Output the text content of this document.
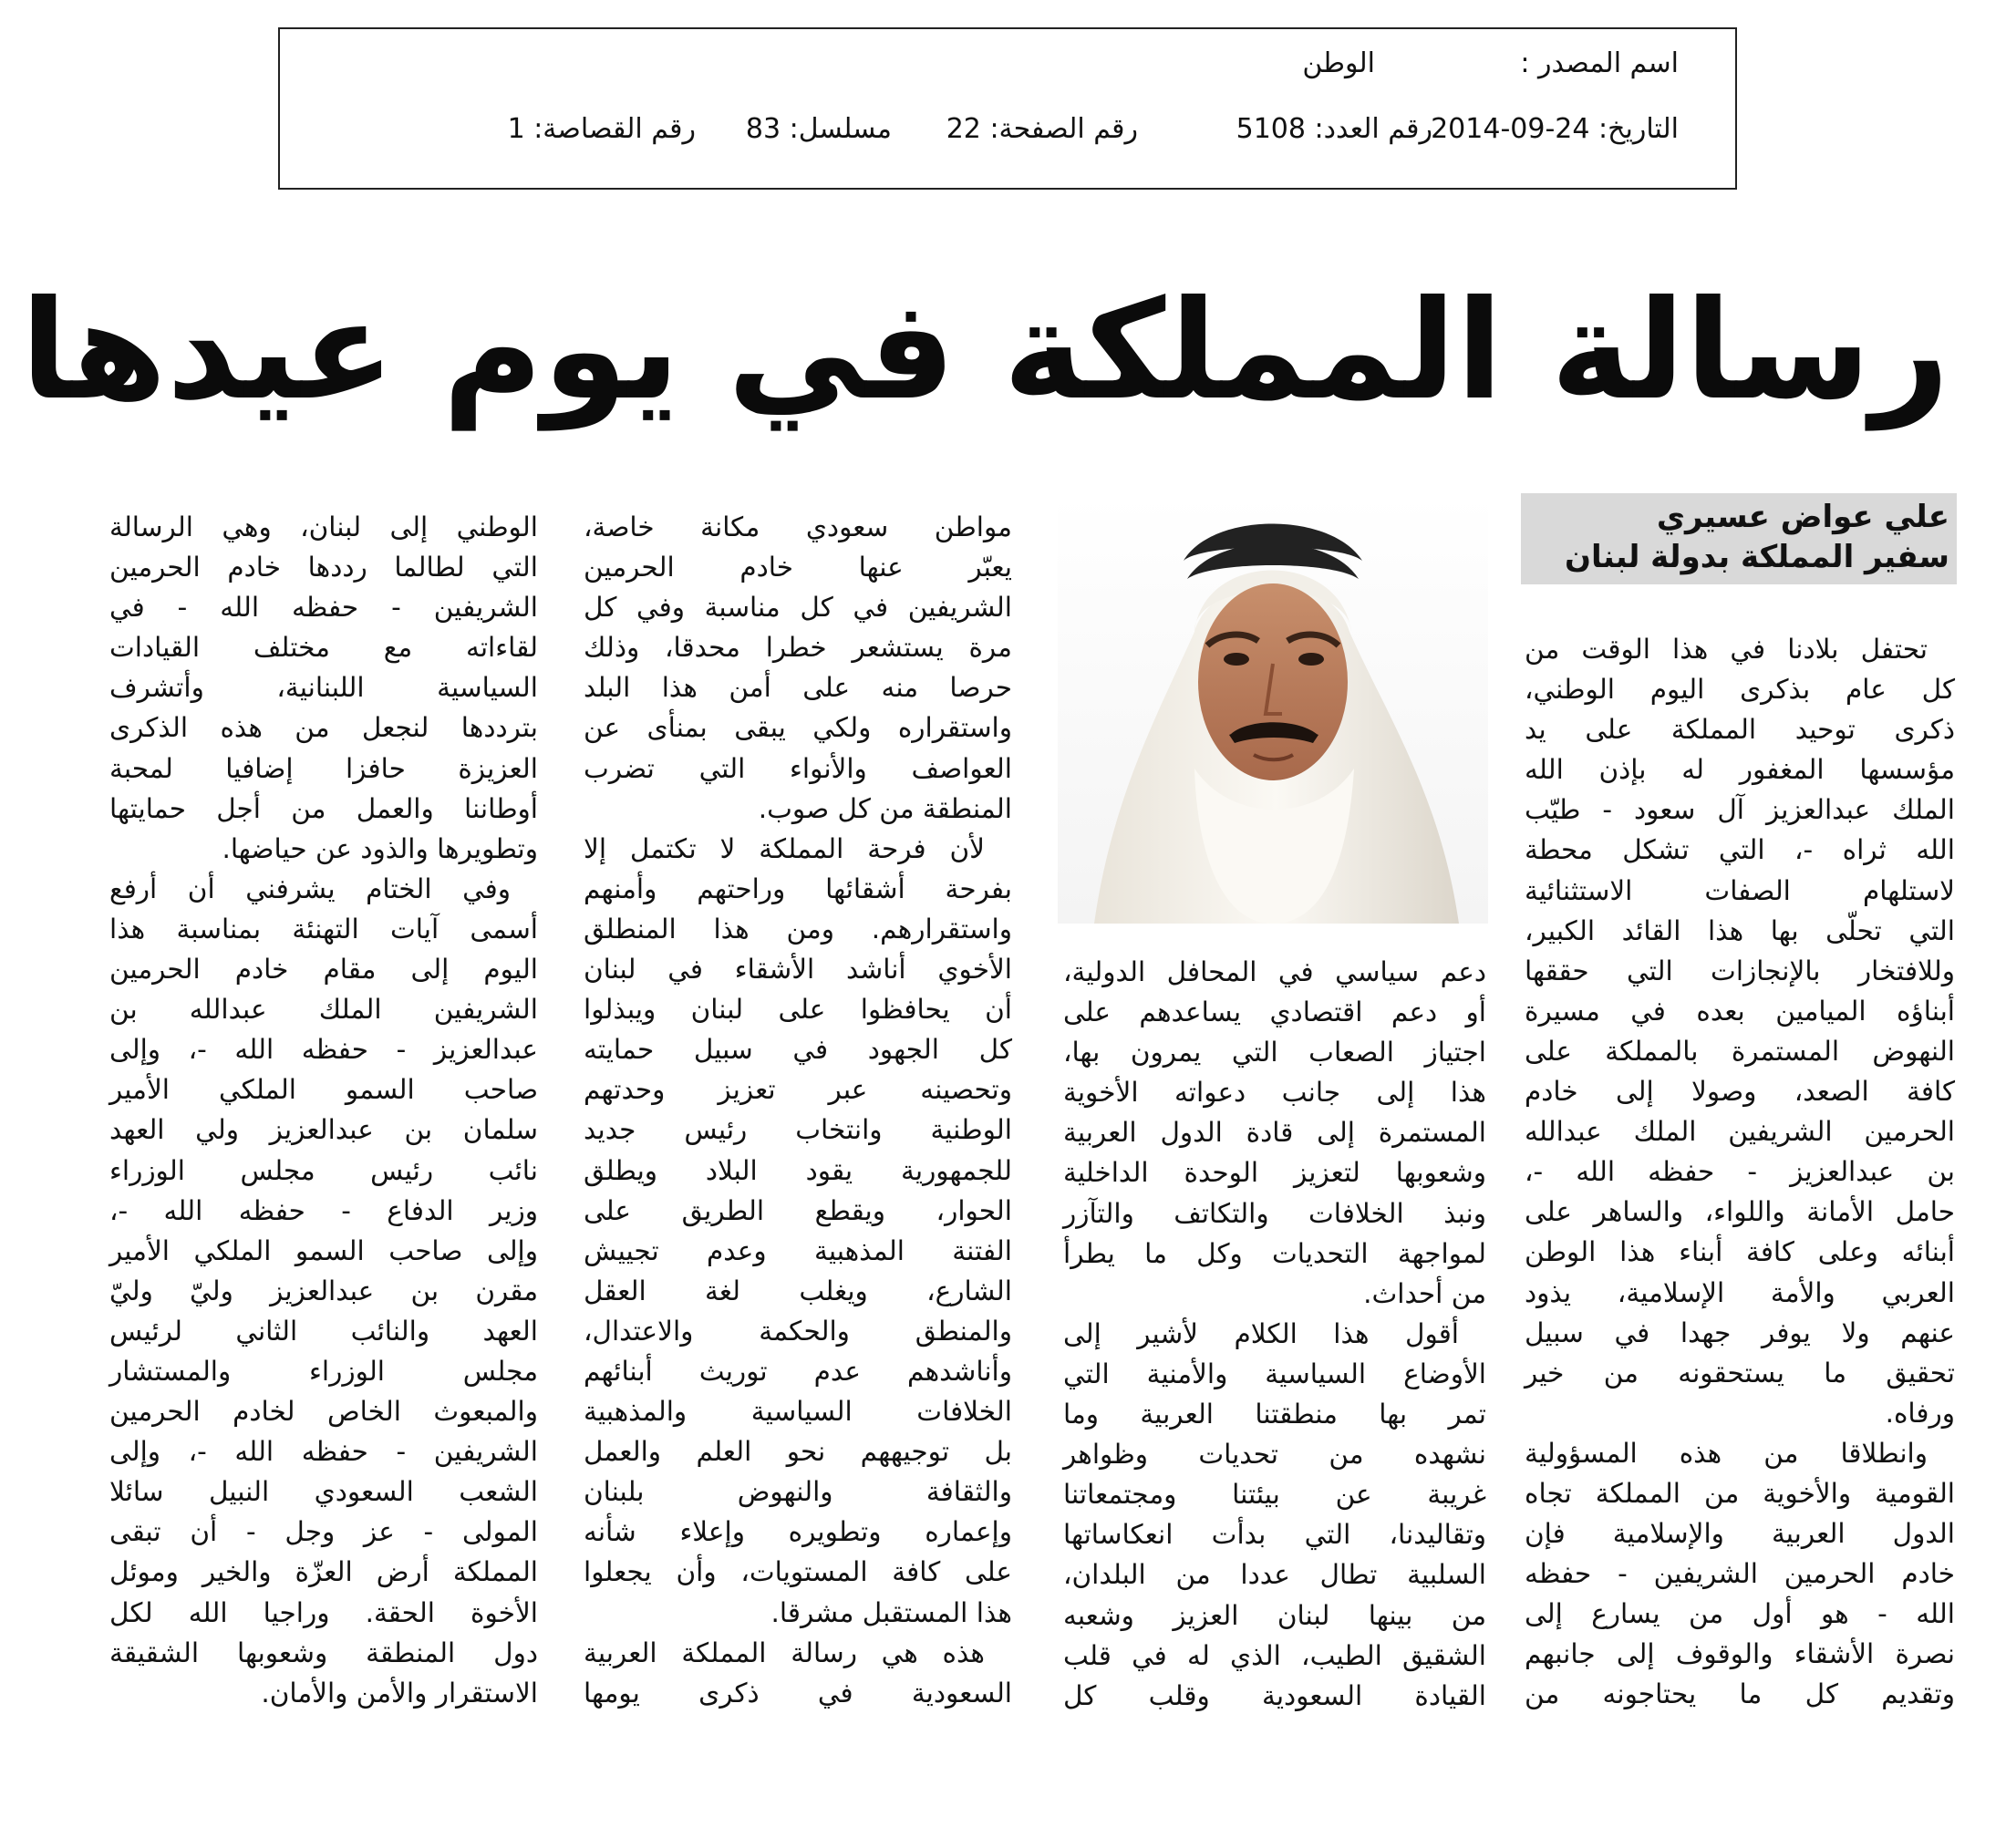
اسم المصدر :
الوطن
التاريخ: 24-09-2014
رقم العدد: 5108
رقم الصفحة: 22
مسلسل: 83
رقم القصاصة: 1
رسالة المملكة في يوم عيدها
علي عواض عسيري
سفير المملكة بدولة لبنان
تحتفل بلادنا في هذا الوقت من
كل عام بذكرى اليوم الوطني،
ذكرى توحيد المملكة على يد
مؤسسها المغفور له بإذن الله
الملك عبدالعزيز آل سعود - طيّب
الله ثراه -، التي تشكل محطة
لاستلهام الصفات الاستثنائية
التي تحلّى بها هذا القائد الكبير،
وللافتخار بالإنجازات التي حققها
أبناؤه الميامين بعده في مسيرة
النهوض المستمرة بالمملكة على
كافة الصعد، وصولا إلى خادم
الحرمين الشريفين الملك عبدالله
بن عبدالعزيز - حفظه الله -،
حامل الأمانة واللواء، والساهر على
أبنائه وعلى كافة أبناء هذا الوطن
العربي والأمة الإسلامية، يذود
عنهم ولا يوفر جهدا في سبيل
تحقيق ما يستحقونه من خير
ورفاه.
وانطلاقا من هذه المسؤولية
القومية والأخوية من المملكة تجاه
الدول العربية والإسلامية فإن
خادم الحرمين الشريفين - حفظه
الله - هو أول من يسارع إلى
نصرة الأشقاء والوقوف إلى جانبهم
وتقديم كل ما يحتاجونه من
دعم سياسي في المحافل الدولية،
أو دعم اقتصادي يساعدهم على
اجتياز الصعاب التي يمرون بها،
هذا إلى جانب دعواته الأخوية
المستمرة إلى قادة الدول العربية
وشعوبها لتعزيز الوحدة الداخلية
ونبذ الخلافات والتكاتف والتآزر
لمواجهة التحديات وكل ما يطرأ
من أحداث.
أقول هذا الكلام لأشير إلى
الأوضاع السياسية والأمنية التي
تمر بها منطقتنا العربية وما
نشهده من تحديات وظواهر
غريبة عن بيئتنا ومجتمعاتنا
وتقاليدنا، التي بدأت انعكاساتها
السلبية تطال عددا من البلدان،
من بينها لبنان العزيز وشعبه
الشقيق الطيب، الذي له في قلب
القيادة السعودية وقلب كل
مواطن سعودي مكانة خاصة،
يعبّر عنها خادم الحرمين
الشريفين في كل مناسبة وفي كل
مرة يستشعر خطرا محدقا، وذلك
حرصا منه على أمن هذا البلد
واستقراره ولكي يبقى بمنأى عن
العواصف والأنواء التي تضرب
المنطقة من كل صوب.
لأن فرحة المملكة لا تكتمل إلا
بفرحة أشقائها وراحتهم وأمنهم
واستقرارهم. ومن هذا المنطلق
الأخوي أناشد الأشقاء في لبنان
أن يحافظوا على لبنان ويبذلوا
كل الجهود في سبيل حمايته
وتحصينه عبر تعزيز وحدتهم
الوطنية وانتخاب رئيس جديد
للجمهورية يقود البلاد ويطلق
الحوار، ويقطع الطريق على
الفتنة المذهبية وعدم تجييش
الشارع، ويغلب لغة العقل
والمنطق والحكمة والاعتدال،
وأناشدهم عدم توريث أبنائهم
الخلافات السياسية والمذهبية
بل توجيههم نحو العلم والعمل
والثقافة والنهوض بلبنان
وإعماره وتطويره وإعلاء شأنه
على كافة المستويات، وأن يجعلوا
هذا المستقبل مشرقا.
هذه هي رسالة المملكة العربية
السعودية في ذكرى يومها
الوطني إلى لبنان، وهي الرسالة
التي لطالما رددها خادم الحرمين
الشريفين - حفظه الله - في
لقاءاته مع مختلف القيادات
السياسية اللبنانية، وأتشرف
بترددها لنجعل من هذه الذكرى
العزيزة حافزا إضافيا لمحبة
أوطاننا والعمل من أجل حمايتها
وتطويرها والذود عن حياضها.
وفي الختام يشرفني أن أرفع
أسمى آيات التهنئة بمناسبة هذا
اليوم إلى مقام خادم الحرمين
الشريفين الملك عبدالله بن
عبدالعزيز - حفظه الله -، وإلى
صاحب السمو الملكي الأمير
سلمان بن عبدالعزيز ولي العهد
نائب رئيس مجلس الوزراء
وزير الدفاع - حفظه الله -،
وإلى صاحب السمو الملكي الأمير
مقرن بن عبدالعزيز وليّ وليّ
العهد والنائب الثاني لرئيس
مجلس الوزراء والمستشار
والمبعوث الخاص لخادم الحرمين
الشريفين - حفظه الله -، وإلى
الشعب السعودي النبيل سائلا
المولى - عز وجل - أن تبقى
المملكة أرض العزّة والخير وموئل
الأخوة الحقة. وراجيا الله لكل
دول المنطقة وشعوبها الشقيقة
الاستقرار والأمن والأمان.
